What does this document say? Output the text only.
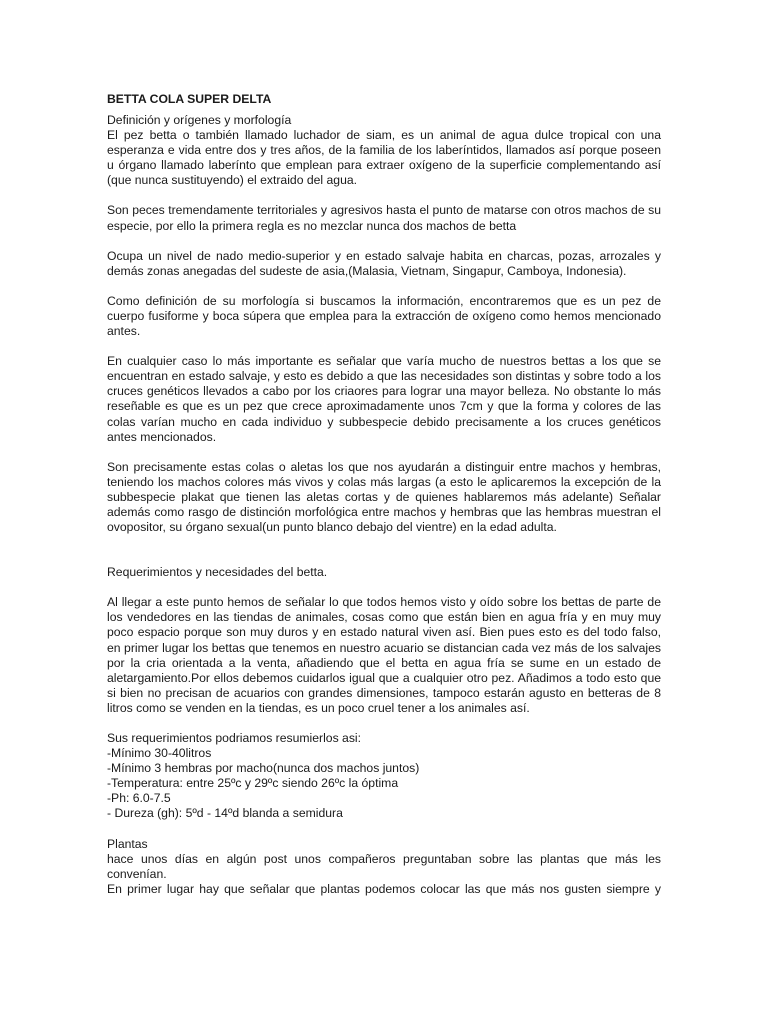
BETTA COLA SUPER DELTA

Definición y orígenes y morfología

El pez betta o también llamado luchador de siam, es un animal de agua dulce tropical con una esperanza e vida entre dos y tres años, de la familia de los laberíntidos, llamados así porque poseen u órgano llamado laberínto que emplean para extraer oxígeno de la superficie complementando así (que nunca sustituyendo) el extraido del agua.

Son peces tremendamente territoriales y agresivos hasta el punto de matarse con otros machos de su especie, por ello la primera regla es no mezclar nunca dos machos de betta

Ocupa un nivel de nado medio-superior y en estado salvaje habita en charcas, pozas, arrozales y demás zonas anegadas del sudeste de asia,(Malasia, Vietnam, Singapur, Camboya, Indonesia).

Como definición de su morfología si buscamos la información, encontraremos que es un pez de cuerpo fusiforme y boca súpera que emplea para la extracción de oxígeno como hemos mencionado antes.

En cualquier caso lo más importante es señalar que varía mucho de nuestros bettas a los que se encuentran en estado salvaje, y esto es debido a que las necesidades son distintas y sobre todo a los cruces genéticos llevados a cabo por los criaores para lograr una mayor belleza. No obstante lo más reseñable es que es un pez que crece aproximadamente unos 7cm y que la forma y colores de las colas varían mucho en cada individuo y subbespecie debido precisamente a los cruces genéticos antes mencionados.

Son precisamente estas colas o aletas los que nos ayudarán a distinguir entre machos y hembras, teniendo los machos colores más vivos y colas más largas (a esto le aplicaremos la excepción de la subbespecie plakat que tienen las aletas cortas y de quienes hablaremos más adelante) Señalar además como rasgo de distinción morfológica entre machos y hembras que las hembras muestran el ovopositor, su órgano sexual(un punto blanco debajo del vientre) en la edad adulta.

Requerimientos y necesidades del betta.

Al llegar a este punto hemos de señalar lo que todos hemos visto y oído sobre los bettas de parte de los vendedores en las tiendas de animales, cosas como que están bien en agua fría y en muy muy poco espacio porque son muy duros y en estado natural viven así. Bien pues esto es del todo falso, en primer lugar los bettas que tenemos en nuestro acuario se distancian cada vez más de los salvajes por la cria orientada a la venta, añadiendo que el betta en agua fría se sume en un estado de aletargamiento.Por ellos debemos cuidarlos igual que a cualquier otro pez. Añadimos a todo esto que si bien no precisan de acuarios con grandes dimensiones, tampoco estarán agusto en betteras de 8 litros como se venden en la tiendas, es un poco cruel tener a los animales así.

Sus requerimientos podriamos resumierlos asi:

-Mínimo 30-40litros
-Mínimo 3 hembras por macho(nunca dos machos juntos)
-Temperatura: entre 25ºc y 29ºc siendo 26ºc la óptima
-Ph: 6.0-7.5
- Dureza (gh): 5ºd - 14ºd blanda a semidura

Plantas

hace unos días en algún post unos compañeros preguntaban sobre las plantas que más les convenían.

En primer lugar hay que señalar que plantas podemos colocar las que más nos gusten siempre y
